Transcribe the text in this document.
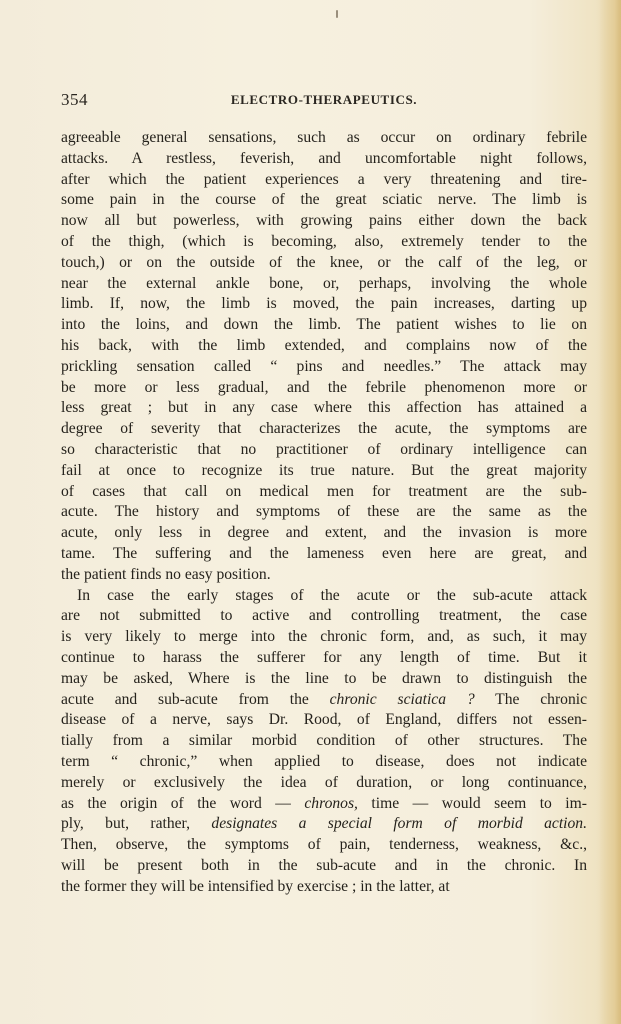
354	ELECTRO-THERAPEUTICS.
agreeable general sensations, such as occur on ordinary febrile
attacks. A restless, feverish, and uncomfortable night follows,
after which the patient experiences a very threatening and tire-
some pain in the course of the great sciatic nerve. The limb is
now all but powerless, with growing pains either down the back
of the thigh, (which is becoming, also, extremely tender to the
touch,) or on the outside of the knee, or the calf of the leg, or
near the external ankle bone, or, perhaps, involving the whole
limb. If, now, the limb is moved, the pain increases, darting up
into the loins, and down the limb. The patient wishes to lie on
his back, with the limb extended, and complains now of the
prickling sensation called “ pins and needles.” The attack may
be more or less gradual, and the febrile phenomenon more or
less great ; but in any case where this affection has attained a
degree of severity that characterizes the acute, the symptoms are
so characteristic that no practitioner of ordinary intelligence can
fail at once to recognize its true nature. But the great majority
of cases that call on medical men for treatment are the sub-
acute. The history and symptoms of these are the same as the
acute, only less in degree and extent, and the invasion is more
tame. The suffering and the lameness even here are great, and
the patient finds no easy position.
In case the early stages of the acute or the sub-acute attack
are not submitted to active and controlling treatment, the case
is very likely to merge into the chronic form, and, as such, it may
continue to harass the sufferer for any length of time. But it
may be asked, Where is the line to be drawn to distinguish the
acute and sub-acute from the chronic sciatica ? The chronic
disease of a nerve, says Dr. Rood, of England, differs not essen-
tially from a similar morbid condition of other structures. The
term “ chronic,” when applied to disease, does not indicate
merely or exclusively the idea of duration, or long continuance,
as the origin of the word — chronos, time — would seem to im-
ply, but, rather, designates a special form of morbid action.
Then, observe, the symptoms of pain, tenderness, weakness, &c.,
will be present both in the sub-acute and in the chronic. In
the former they will be intensified by exercise ; in the latter, at
